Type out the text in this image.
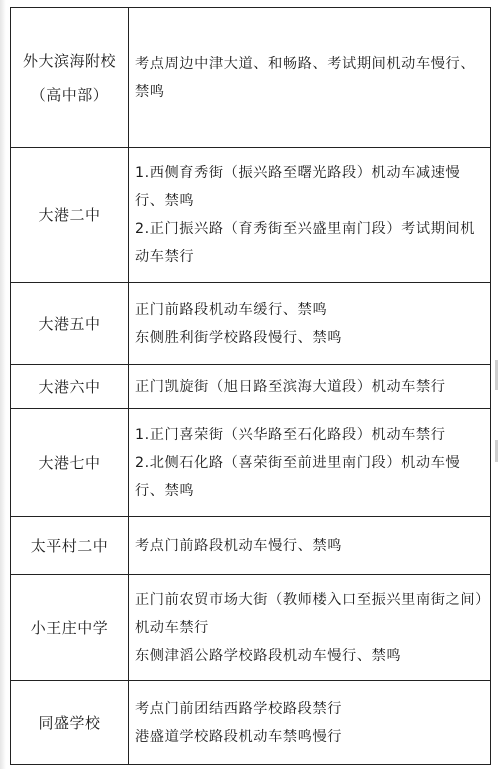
外大滨海附校
（高中部）	考点周边中津大道、和畅路、考试期间机动车慢行、禁鸣

大港二中	1.西侧育秀街（振兴路至曙光路段）机动车减速慢行、禁鸣
2.正门振兴路（育秀街至兴盛里南门段）考试期间机动车禁行

大港五中	正门前路段机动车缓行、禁鸣
东侧胜利街学校路段慢行、禁鸣

大港六中	正门凯旋街（旭日路至滨海大道段）机动车禁行

大港七中	1.正门喜荣街（兴华路至石化路段）机动车禁行
2.北侧石化路（喜荣街至前进里南门段）机动车慢行、禁鸣

太平村二中	考点门前路段机动车慢行、禁鸣

小王庄中学	正门前农贸市场大街（教师楼入口至振兴里南街之间）机动车禁行
东侧津滔公路学校路段机动车慢行、禁鸣

同盛学校	考点门前团结西路学校路段禁行
港盛道学校路段机动车禁鸣慢行
